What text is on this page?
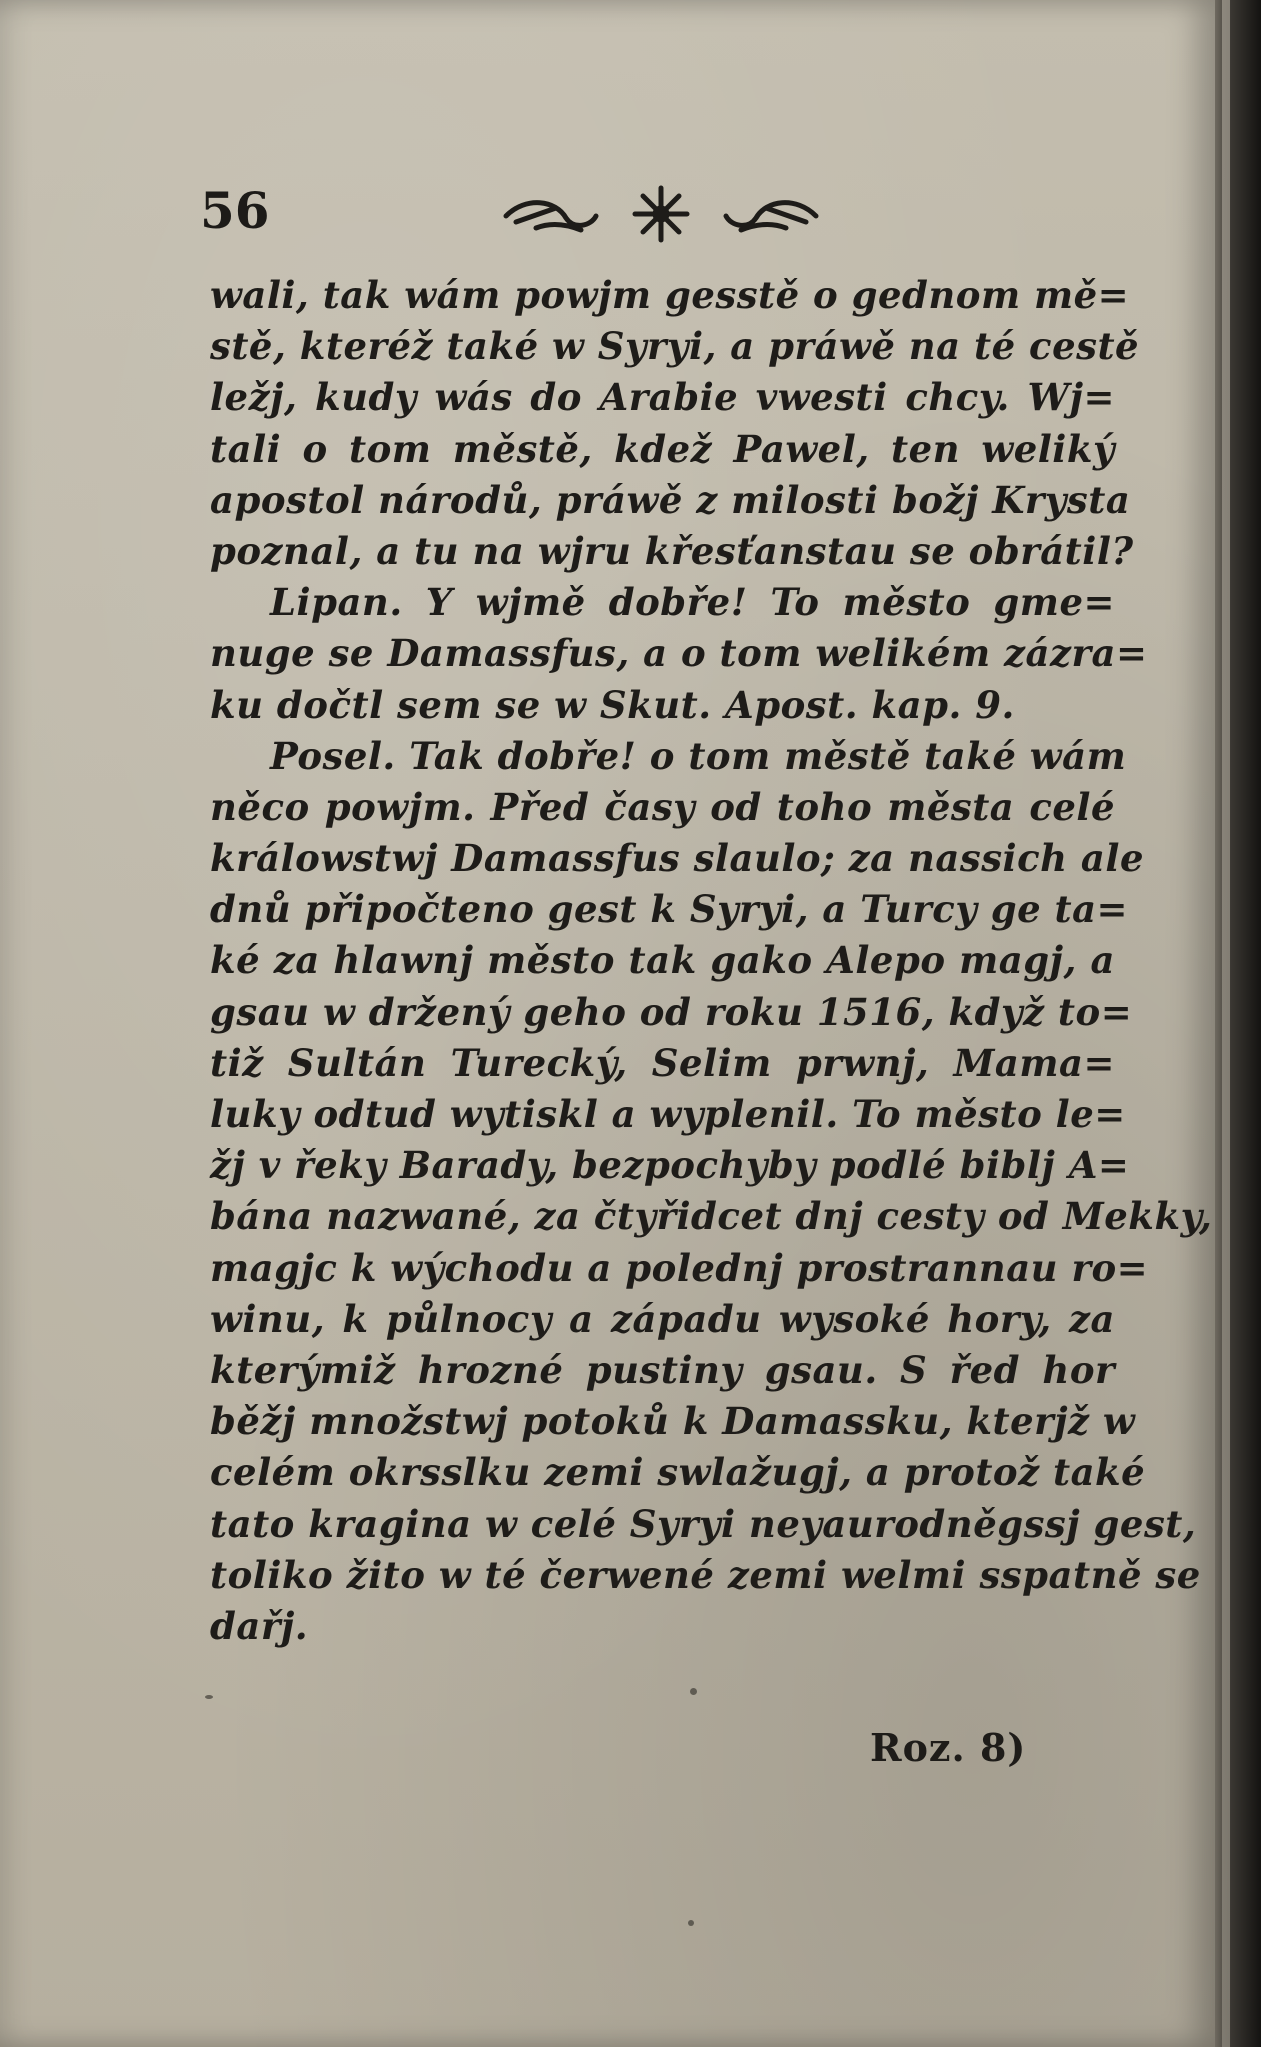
56
wali, tak wám powjm gesstě o gednom mě=
stě, kteréž také w Syryi, a práwě na té cestě
ležj, kudy wás do Arabie vwesti chcy. Wj=
tali o tom městě, kdež Pawel, ten weliký
apostol národů, práwě z milosti božj Krysta
poznal, a tu na wjru křesťanstau se obrátil?
Lipan. Y wjmě dobře! To město gme=
nuge se Damassfus, a o tom welikém zázra=
ku dočtl sem se w Skut. Apost. kap. 9.
Posel. Tak dobře! o tom městě také wám
něco powjm. Před časy od toho města celé
králowstwj Damassfus slaulo; za nassich ale
dnů připočteno gest k Syryi, a Turcy ge ta=
ké za hlawnj město tak gako Alepo magj, a
gsau w držený geho od roku 1516, když to=
tiž Sultán Turecký, Selim prwnj, Mama=
luky odtud wytiskl a wyplenil. To město le=
žj v řeky Barady, bezpochyby podlé biblj A=
bána nazwané, za čtyřidcet dnj cesty od Mekky,
magjc k wýchodu a polednj prostrannau ro=
winu, k půlnocy a západu wysoké hory, za
kterýmiž hrozné pustiny gsau. S řed hor
běžj množstwj potoků k Damassku, kterjž w
celém okrsslku zemi swlažugj, a protož také
tato kragina w celé Syryi neyaurodněgssj gest,
toliko žito w té čerwené zemi welmi sspatně se
dařj.
Roz. 8)
